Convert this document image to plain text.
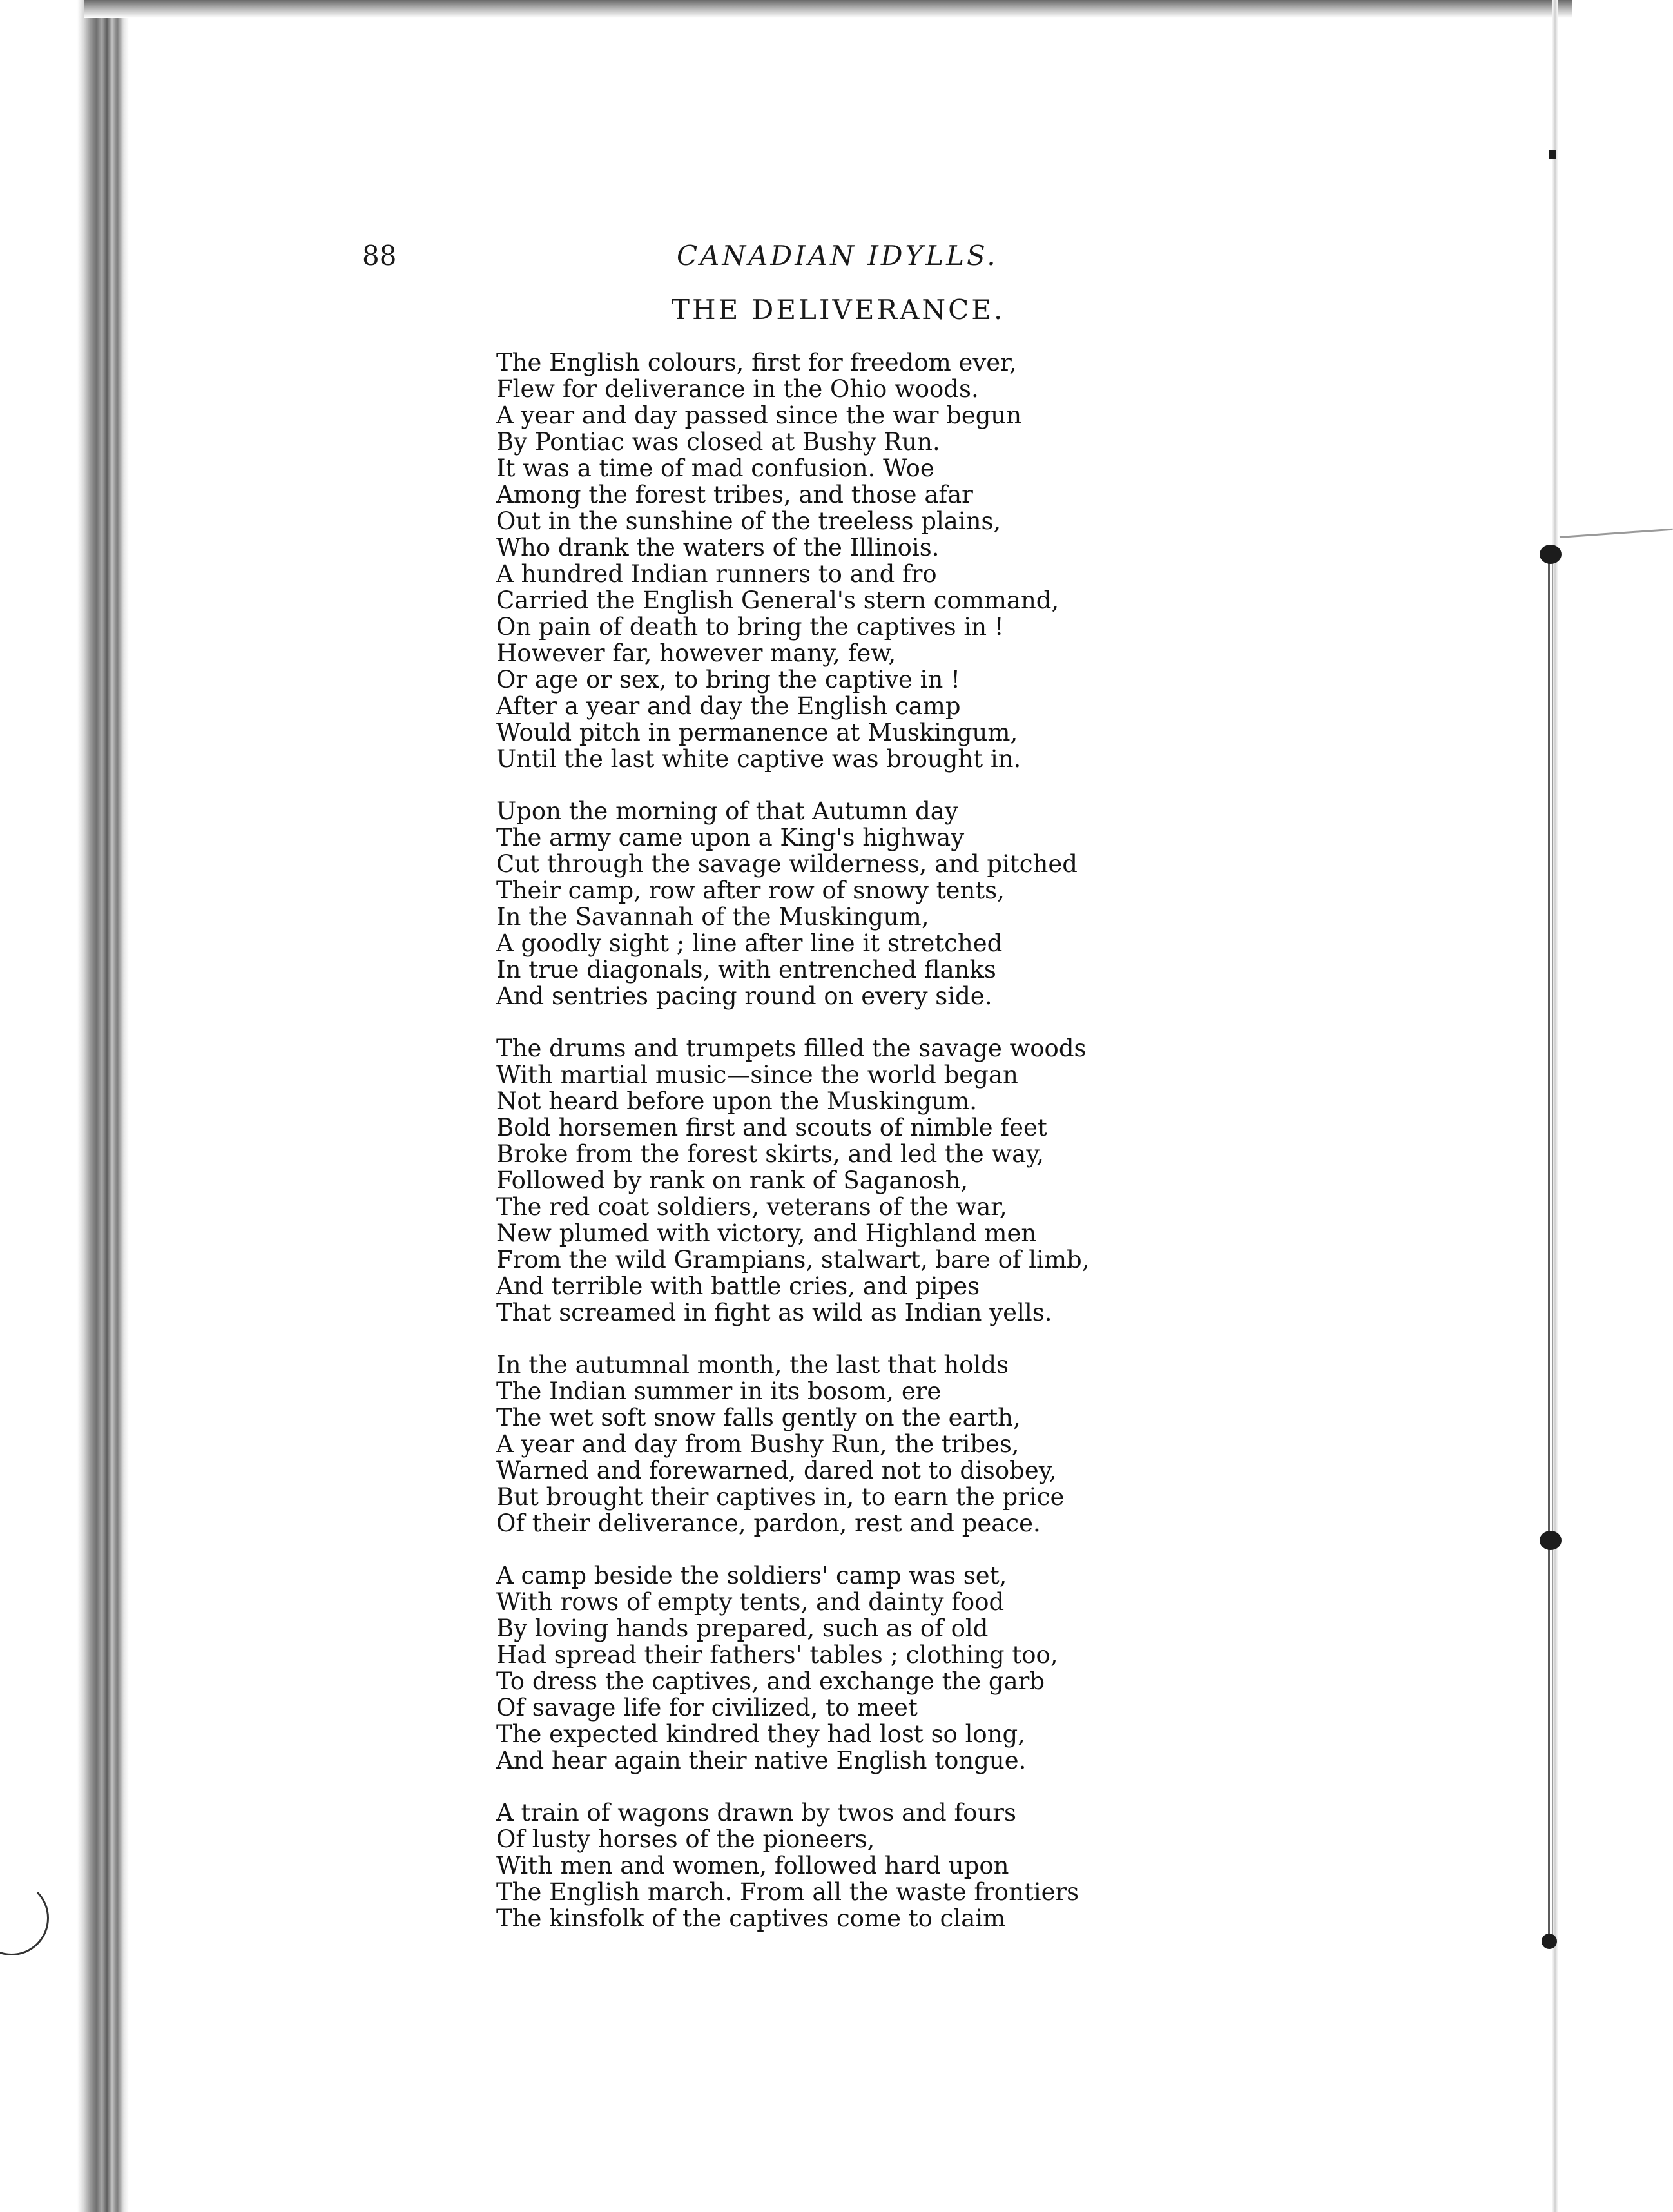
88	CANADIAN IDYLLS.
THE DELIVERANCE.
The English colours, first for freedom ever,
Flew for deliverance in the Ohio woods.
A year and day passed since the war begun
By Pontiac was closed at Bushy Run.
It was a time of mad confusion. Woe
Among the forest tribes, and those afar
Out in the sunshine of the treeless plains,
Who drank the waters of the Illinois.
A hundred Indian runners to and fro
Carried the English General's stern command,
On pain of death to bring the captives in !
However far, however many, few,
Or age or sex, to bring the captive in !
After a year and day the English camp
Would pitch in permanence at Muskingum,
Until the last white captive was brought in.
Upon the morning of that Autumn day
The army came upon a King's highway
Cut through the savage wilderness, and pitched
Their camp, row after row of snowy tents,
In the Savannah of the Muskingum,
A goodly sight ; line after line it stretched
In true diagonals, with entrenched flanks
And sentries pacing round on every side.
The drums and trumpets filled the savage woods
With martial music—since the world began
Not heard before upon the Muskingum.
Bold horsemen first and scouts of nimble feet
Broke from the forest skirts, and led the way,
Followed by rank on rank of Saganosh,
The red coat soldiers, veterans of the war,
New plumed with victory, and Highland men
From the wild Grampians, stalwart, bare of limb,
And terrible with battle cries, and pipes
That screamed in fight as wild as Indian yells.
In the autumnal month, the last that holds
The Indian summer in its bosom, ere
The wet soft snow falls gently on the earth,
A year and day from Bushy Run, the tribes,
Warned and forewarned, dared not to disobey,
But brought their captives in, to earn the price
Of their deliverance, pardon, rest and peace.
A camp beside the soldiers' camp was set,
With rows of empty tents, and dainty food
By loving hands prepared, such as of old
Had spread their fathers' tables ; clothing too,
To dress the captives, and exchange the garb
Of savage life for civilized, to meet
The expected kindred they had lost so long,
And hear again their native English tongue.
A train of wagons drawn by twos and fours
Of lusty horses of the pioneers,
With men and women, followed hard upon
The English march. From all the waste frontiers
The kinsfolk of the captives come to claim
